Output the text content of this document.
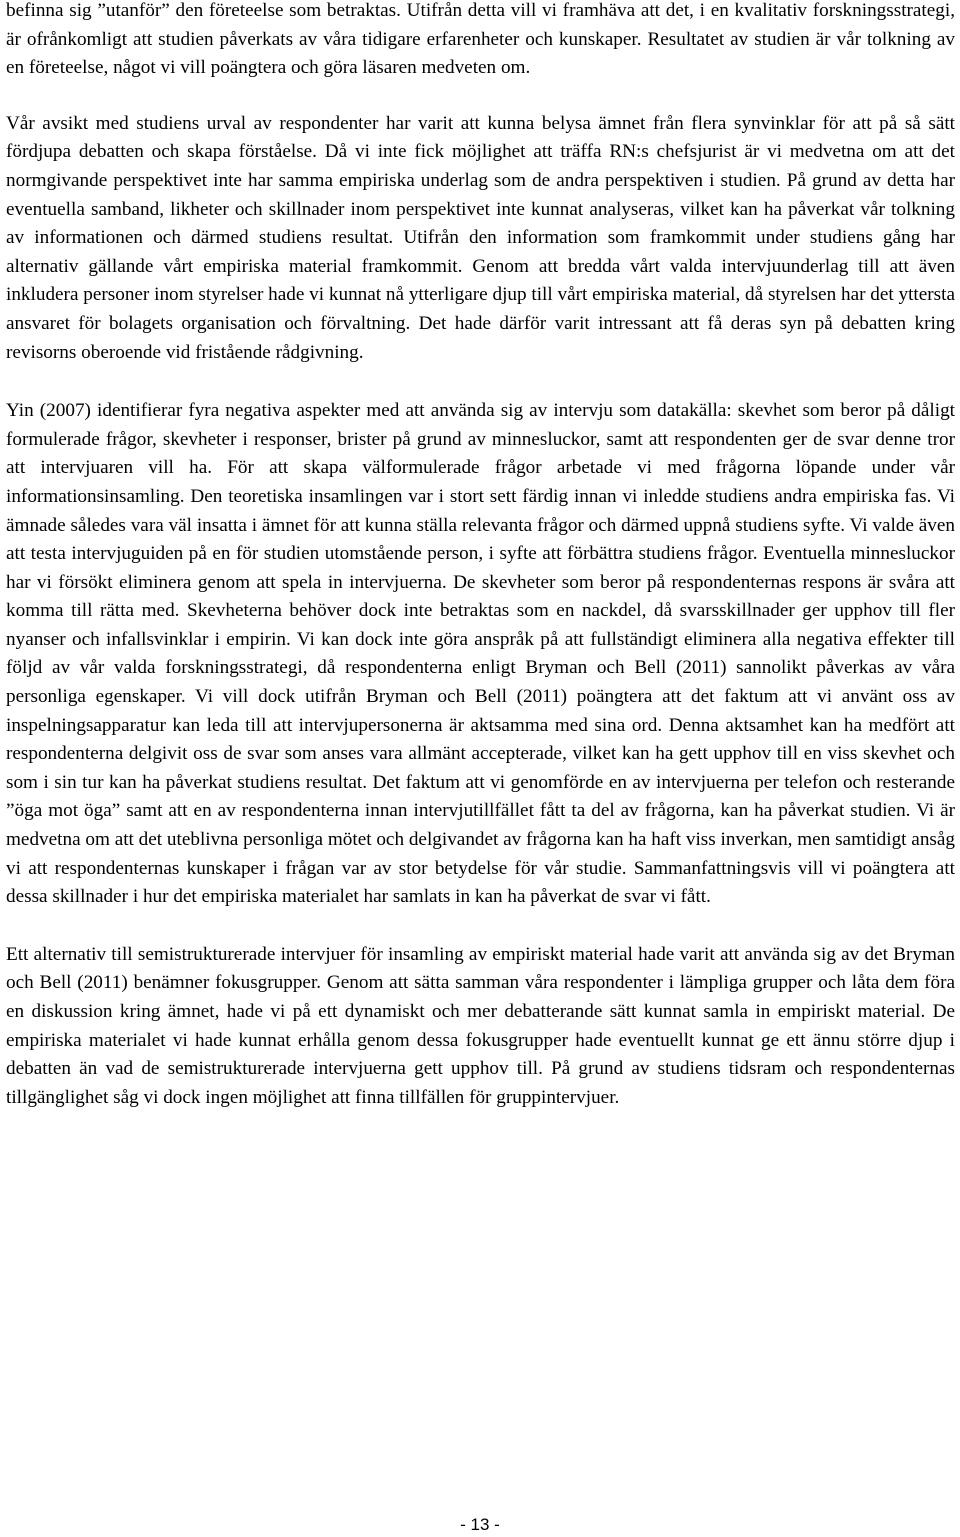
befinna sig ”utanför” den företeelse som betraktas. Utifrån detta vill vi framhäva att det, i en kvalitativ forskningsstrategi, är ofrånkomligt att studien påverkats av våra tidigare erfarenheter och kunskaper. Resultatet av studien är vår tolkning av en företeelse, något vi vill poängtera och göra läsaren medveten om.

Vår avsikt med studiens urval av respondenter har varit att kunna belysa ämnet från flera synvinklar för att på så sätt fördjupa debatten och skapa förståelse. Då vi inte fick möjlighet att träffa RN:s chefsjurist är vi medvetna om att det normgivande perspektivet inte har samma empiriska underlag som de andra perspektiven i studien. På grund av detta har eventuella samband, likheter och skillnader inom perspektivet inte kunnat analyseras, vilket kan ha påverkat vår tolkning av informationen och därmed studiens resultat. Utifrån den information som framkommit under studiens gång har alternativ gällande vårt empiriska material framkommit. Genom att bredda vårt valda intervjuunderlag till att även inkludera personer inom styrelser hade vi kunnat nå ytterligare djup till vårt empiriska material, då styrelsen har det yttersta ansvaret för bolagets organisation och förvaltning. Det hade därför varit intressant att få deras syn på debatten kring revisorns oberoende vid fristående rådgivning.

Yin (2007) identifierar fyra negativa aspekter med att använda sig av intervju som datakälla: skevhet som beror på dåligt formulerade frågor, skevheter i responser, brister på grund av minnesluckor, samt att respondenten ger de svar denne tror att intervjuaren vill ha. För att skapa välformulerade frågor arbetade vi med frågorna löpande under vår informationsinsamling. Den teoretiska insamlingen var i stort sett färdig innan vi inledde studiens andra empiriska fas. Vi ämnade således vara väl insatta i ämnet för att kunna ställa relevanta frågor och därmed uppnå studiens syfte. Vi valde även att testa intervjuguiden på en för studien utomstående person, i syfte att förbättra studiens frågor. Eventuella minnesluckor har vi försökt eliminera genom att spela in intervjuerna. De skevheter som beror på respondenternas respons är svåra att komma till rätta med. Skevheterna behöver dock inte betraktas som en nackdel, då svarsskillnader ger upphov till fler nyanser och infallsvinklar i empirin. Vi kan dock inte göra anspråk på att fullständigt eliminera alla negativa effekter till följd av vår valda forskningsstrategi, då respondenterna enligt Bryman och Bell (2011) sannolikt påverkas av våra personliga egenskaper. Vi vill dock utifrån Bryman och Bell (2011) poängtera att det faktum att vi använt oss av inspelningsapparatur kan leda till att intervjupersonerna är aktsamma med sina ord. Denna aktsamhet kan ha medfört att respondenterna delgivit oss de svar som anses vara allmänt accepterade, vilket kan ha gett upphov till en viss skevhet och som i sin tur kan ha påverkat studiens resultat. Det faktum att vi genomförde en av intervjuerna per telefon och resterande ”öga mot öga” samt att en av respondenterna innan intervjutillfället fått ta del av frågorna, kan ha påverkat studien. Vi är medvetna om att det uteblivna personliga mötet och delgivandet av frågorna kan ha haft viss inverkan, men samtidigt ansåg vi att respondenternas kunskaper i frågan var av stor betydelse för vår studie. Sammanfattningsvis vill vi poängtera att dessa skillnader i hur det empiriska materialet har samlats in kan ha påverkat de svar vi fått.

Ett alternativ till semistrukturerade intervjuer för insamling av empiriskt material hade varit att använda sig av det Bryman och Bell (2011) benämner fokusgrupper. Genom att sätta samman våra respondenter i lämpliga grupper och låta dem föra en diskussion kring ämnet, hade vi på ett dynamiskt och mer debatterande sätt kunnat samla in empiriskt material. De empiriska materialet vi hade kunnat erhålla genom dessa fokusgrupper hade eventuellt kunnat ge ett ännu större djup i debatten än vad de semistrukturerade intervjuerna gett upphov till. På grund av studiens tidsram och respondenternas tillgänglighet såg vi dock ingen möjlighet att finna tillfällen för gruppintervjuer.

- 13 -
